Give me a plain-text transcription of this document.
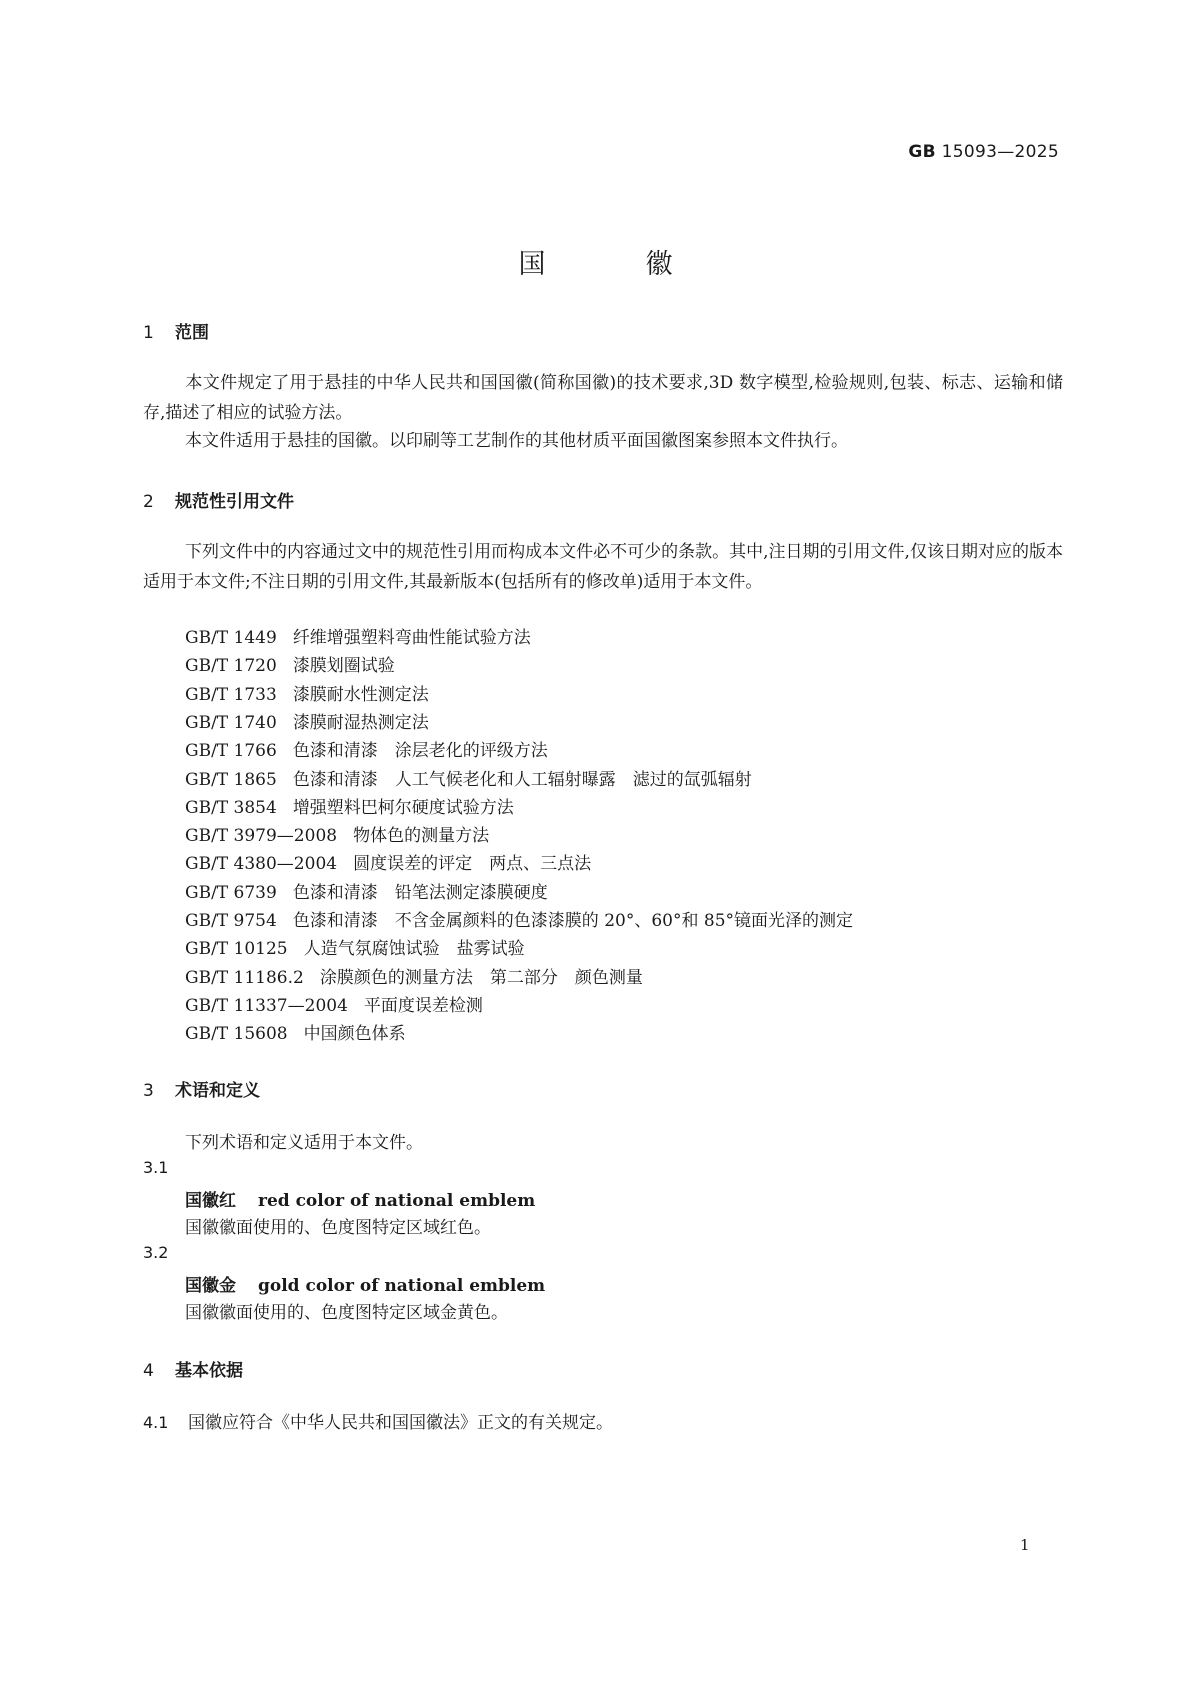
GB 15093—2025
国徽
1 范围
本文件规定了用于悬挂的中华人民共和国国徽(简称国徽)的技术要求,3D 数字模型,检验规则,包装、标志、运输和储存,描述了相应的试验方法。
本文件适用于悬挂的国徽。以印刷等工艺制作的其他材质平面国徽图案参照本文件执行。
2 规范性引用文件
下列文件中的内容通过文中的规范性引用而构成本文件必不可少的条款。其中,注日期的引用文件,仅该日期对应的版本适用于本文件;不注日期的引用文件,其最新版本(包括所有的修改单)适用于本文件。
GB/T 1449 纤维增强塑料弯曲性能试验方法
GB/T 1720 漆膜划圈试验
GB/T 1733 漆膜耐水性测定法
GB/T 1740 漆膜耐湿热测定法
GB/T 1766 色漆和清漆　涂层老化的评级方法
GB/T 1865 色漆和清漆　人工气候老化和人工辐射曝露　滤过的氙弧辐射
GB/T 3854 增强塑料巴柯尔硬度试验方法
GB/T 3979—2008 物体色的测量方法
GB/T 4380—2004 圆度误差的评定　两点、三点法
GB/T 6739 色漆和清漆　铅笔法测定漆膜硬度
GB/T 9754 色漆和清漆　不含金属颜料的色漆漆膜的 20°、60°和 85°镜面光泽的测定
GB/T 10125 人造气氛腐蚀试验　盐雾试验
GB/T 11186.2 涂膜颜色的测量方法　第二部分　颜色测量
GB/T 11337—2004 平面度误差检测
GB/T 15608 中国颜色体系
3 术语和定义
下列术语和定义适用于本文件。
3.1
国徽红 red color of national emblem
国徽徽面使用的、色度图特定区域红色。
3.2
国徽金 gold color of national emblem
国徽徽面使用的、色度图特定区域金黄色。
4 基本依据
4.1 国徽应符合《中华人民共和国国徽法》正文的有关规定。
1
